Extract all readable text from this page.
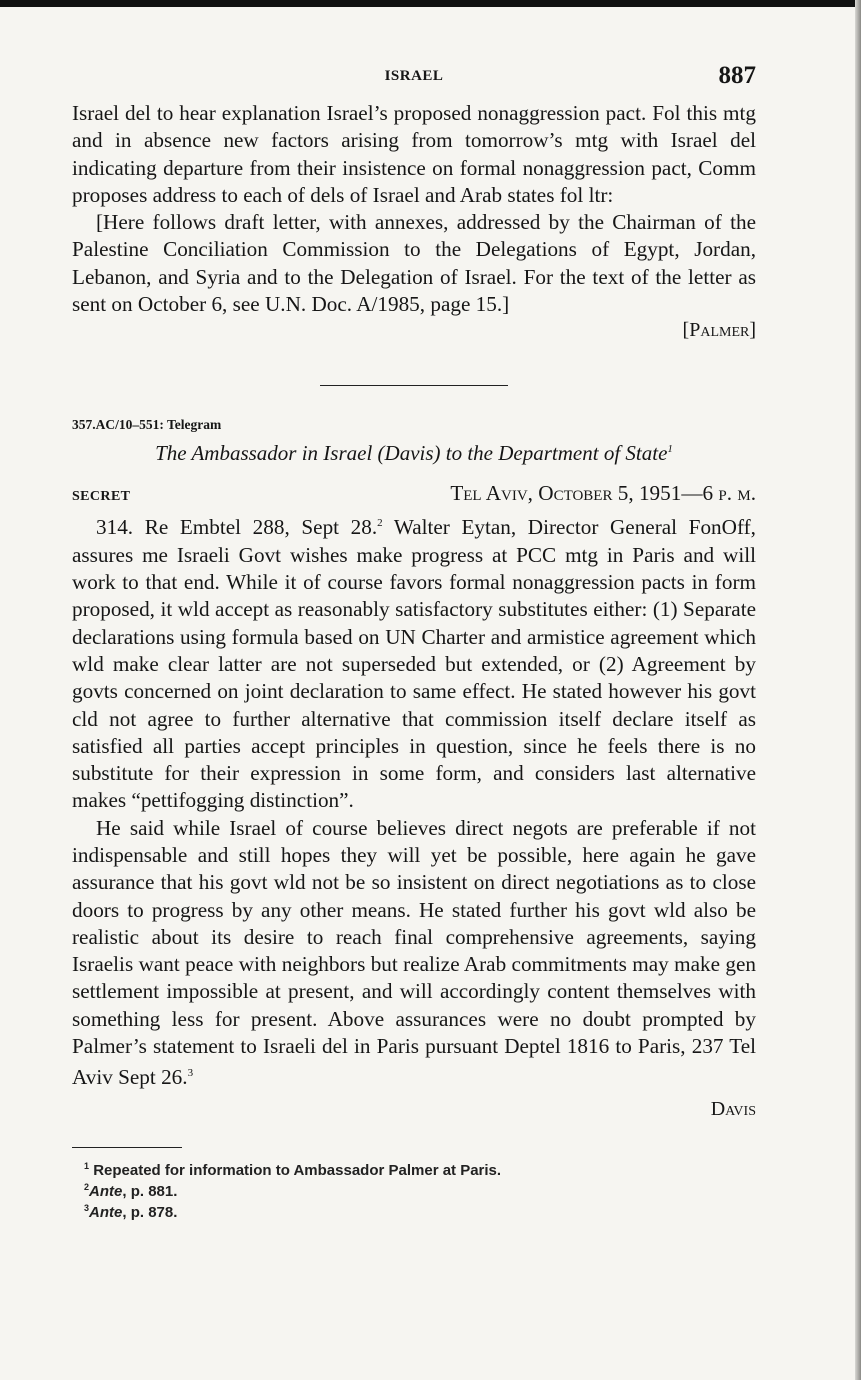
ISRAEL	887

Israel del to hear explanation Israel’s proposed nonaggression pact. Fol this mtg and in absence new factors arising from tomorrow’s mtg with Israel del indicating departure from their insistence on formal nonaggression pact, Comm proposes address to each of dels of Israel and Arab states fol ltr:

[Here follows draft letter, with annexes, addressed by the Chairman of the Palestine Conciliation Commission to the Delegations of Egypt, Jordan, Lebanon, and Syria and to the Delegation of Israel. For the text of the letter as sent on October 6, see U.N. Doc. A/1985, page 15.]

[Palmer]
357.AC/10–551: Telegram
The Ambassador in Israel (Davis) to the Department of State$^1$
SECRET	Tel Aviv, October 5, 1951—6 p. m.

314. Re Embtel 288, Sept 28.$^2$ Walter Eytan, Director General FonOff, assures me Israeli Govt wishes make progress at PCC mtg in Paris and will work to that end. While it of course favors formal nonaggression pacts in form proposed, it wld accept as reasonably satisfactory substitutes either: (1) Separate declarations using formula based on UN Charter and armistice agreement which wld make clear latter are not superseded but extended, or (2) Agreement by govts concerned on joint declaration to same effect. He stated however his govt cld not agree to further alternative that commission itself declare itself as satisfied all parties accept principles in question, since he feels there is no substitute for their expression in some form, and considers last alternative makes “pettifogging distinction”.

He said while Israel of course believes direct negots are preferable if not indispensable and still hopes they will yet be possible, here again he gave assurance that his govt wld not be so insistent on direct negotiations as to close doors to progress by any other means. He stated further his govt wld also be realistic about its desire to reach final comprehensive agreements, saying Israelis want peace with neighbors but realize Arab commitments may make gen settlement impossible at present, and will accordingly content themselves with something less for present. Above assurances were no doubt prompted by Palmer’s statement to Israeli del in Paris pursuant Deptel 1816 to Paris, 237 Tel Aviv Sept 26.$^3$

Davis
$^1$ Repeated for information to Ambassador Palmer at Paris.
$^2$Ante, p. 881.
$^3$Ante, p. 878.
